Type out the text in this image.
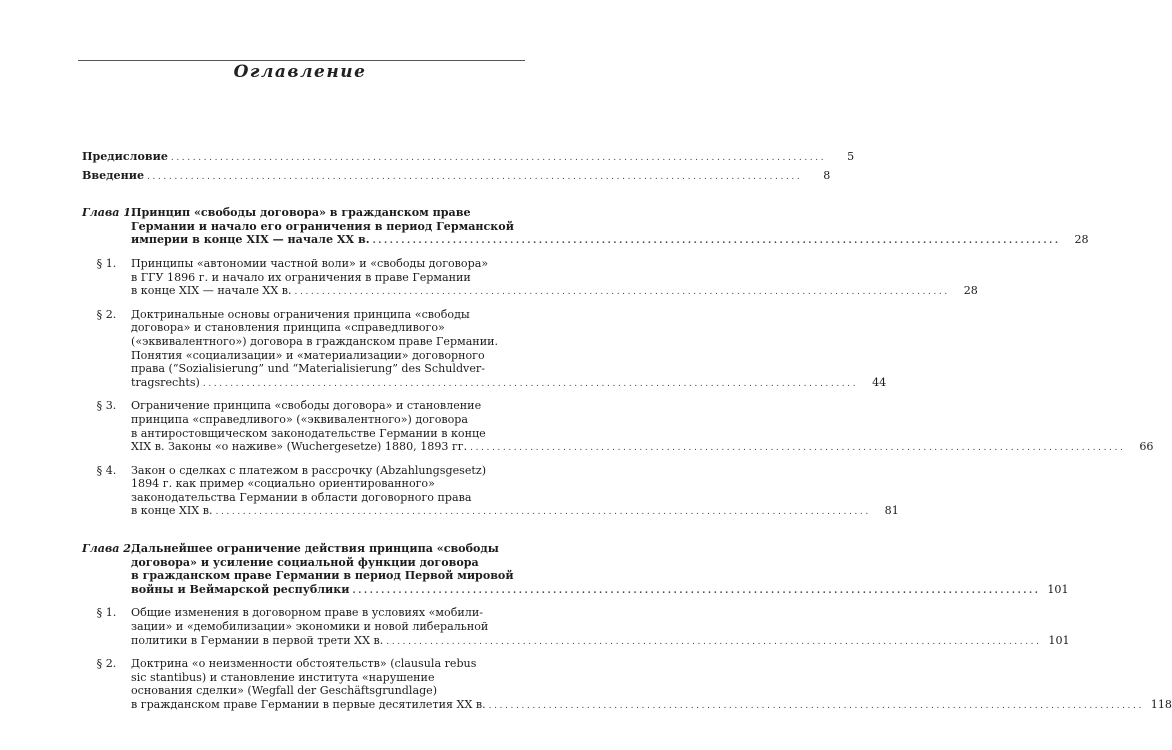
Оглавление
Предисловие ........................................................................................................................	5
Введение ........................................................................................................................	8
Глава 1.
Принцип «свободы договора» в гражданском праве
Германии и начало его ограничения в период Германской
империи в конце XIX — начале XX в. ........................................................................................................................	28
§ 1.	Принципы «автономии частной воли» и «свободы договора»
в ГГУ 1896 г. и начало их ограничения в праве Германии
в конце XIX — начале XX в. ........................................................................................................................	28
§ 2.	Доктринальные основы ограничения принципа «свободы
договора» и становления принципа «справедливого»
(«эквивалентного») договора в гражданском праве Германии.
Понятия «социализации» и «материализации» договорного
права (“Sozialisierung” und “Materialisierung” des Schuldver-
tragsrechts) ........................................................................................................................	44
§ 3.	Ограничение принципа «свободы договора» и становление
принципа «справедливого» («эквивалентного») договора
в антиростовщическом законодательстве Германии в конце
XIX в. Законы «о наживе» (Wuchergesetze) 1880, 1893 гг. ........................................................................................................................	66
§ 4.	Закон о сделках с платежом в рассрочку (Abzahlungsgesetz)
1894 г. как пример «социально ориентированного»
законодательства Германии в области договорного права
в конце XIX в. ........................................................................................................................	81
Глава 2.
Дальнейшее ограничение действия принципа «свободы
договора» и усиление социальной функции договора
в гражданском праве Германии в период Первой мировой
войны и Веймарской республики ........................................................................................................................ 101
§ 1.	Общие изменения в договорном праве в условиях «мобили-
зации» и «демобилизации» экономики и новой либеральной
политики в Германии в первой трети XX в. ........................................................................................................................ 101
§ 2.	Доктрина «о неизменности обстоятельств» (clausula rebus
sic stantibus) и становление института «нарушение
основания сделки» (Wegfall der Geschäftsgrundlage)
в гражданском праве Германии в первые десятилетия XX в. ........................................................................................................................ 118
